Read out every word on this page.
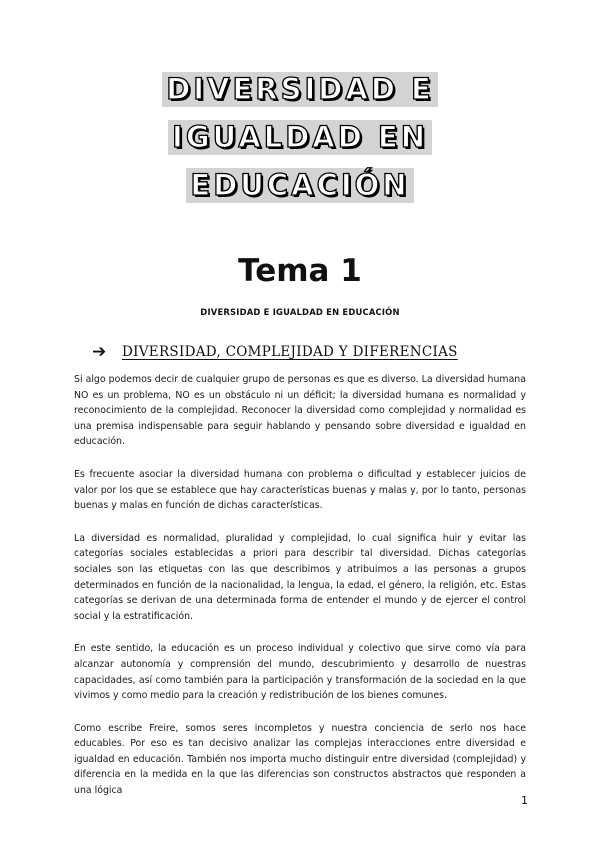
DIVERSIDAD E
IGUALDAD EN
EDUCACIÓN
Tema 1
DIVERSIDAD E IGUALDAD EN EDUCACIÓN
➔	DIVERSIDAD, COMPLEJIDAD Y DIFERENCIAS

Si algo podemos decir de cualquier grupo de personas es que es diverso. La diversidad humana NO es un problema, NO es un obstáculo ni un déficit; la diversidad humana es normalidad y reconocimiento de la complejidad. Reconocer la diversidad como complejidad y normalidad es una premisa indispensable para seguir hablando y pensando sobre diversidad e igualdad en educación.

Es frecuente asociar la diversidad humana con problema o dificultad y establecer juicios de valor por los que se establece que hay características buenas y malas y, por lo tanto, personas buenas y malas en función de dichas características.

La diversidad es normalidad, pluralidad y complejidad, lo cual significa huir y evitar las categorías sociales establecidas a priori para describir tal diversidad. Dichas categorías sociales son las etiquetas con las que describimos y atribuimos a las personas a grupos determinados en función de la nacionalidad, la lengua, la edad, el género, la religión, etc. Estas categorías se derivan de una determinada forma de entender el mundo y de ejercer el control social y la estratificación.

En este sentido, la educación es un proceso individual y colectivo que sirve como vía para alcanzar autonomía y comprensión del mundo, descubrimiento y desarrollo de nuestras capacidades, así como también para la participación y transformación de la sociedad en la que vivimos y como medio para la creación y redistribución de los bienes comunes.

Como escribe Freire, somos seres incompletos y nuestra conciencia de serlo nos hace educables. Por eso es tan decisivo analizar las complejas interacciones entre diversidad e igualdad en educación. También nos importa mucho distinguir entre diversidad (complejidad) y diferencia en la medida en la que las diferencias son constructos abstractos que responden a una lógica

1
